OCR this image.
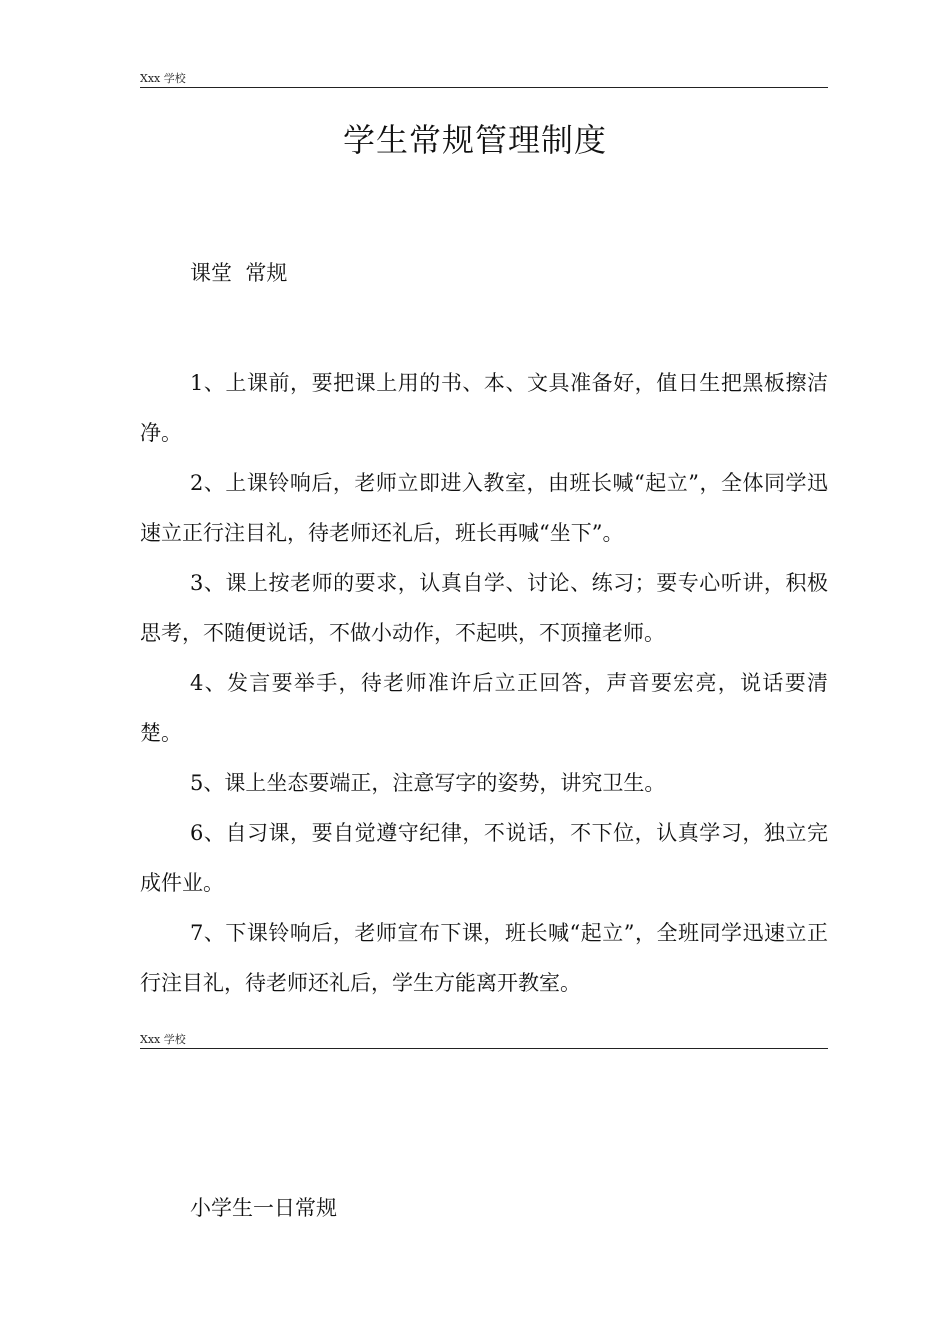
Xxx 学校
学生常规管理制度
课堂  常规

1、上课前，要把课上用的书、本、文具准备好，值日生把黑板擦洁净。

2、上课铃响后，老师立即进入教室，由班长喊“起立”，全体同学迅速立正行注目礼，待老师还礼后，班长再喊“坐下”。

3、课上按老师的要求，认真自学、讨论、练习；要专心听讲，积极思考，不随便说话，不做小动作，不起哄，不顶撞老师。

4、发言要举手，待老师准许后立正回答，声音要宏亮，说话要清楚。

5、课上坐态要端正，注意写字的姿势，讲究卫生。

6、自习课，要自觉遵守纪律，不说话，不下位，认真学习，独立完成件业。

7、下课铃响后，老师宣布下课，班长喊“起立”，全班同学迅速立正行注目礼，待老师还礼后，学生方能离开教室。

Xxx 学校
小学生一日常规
